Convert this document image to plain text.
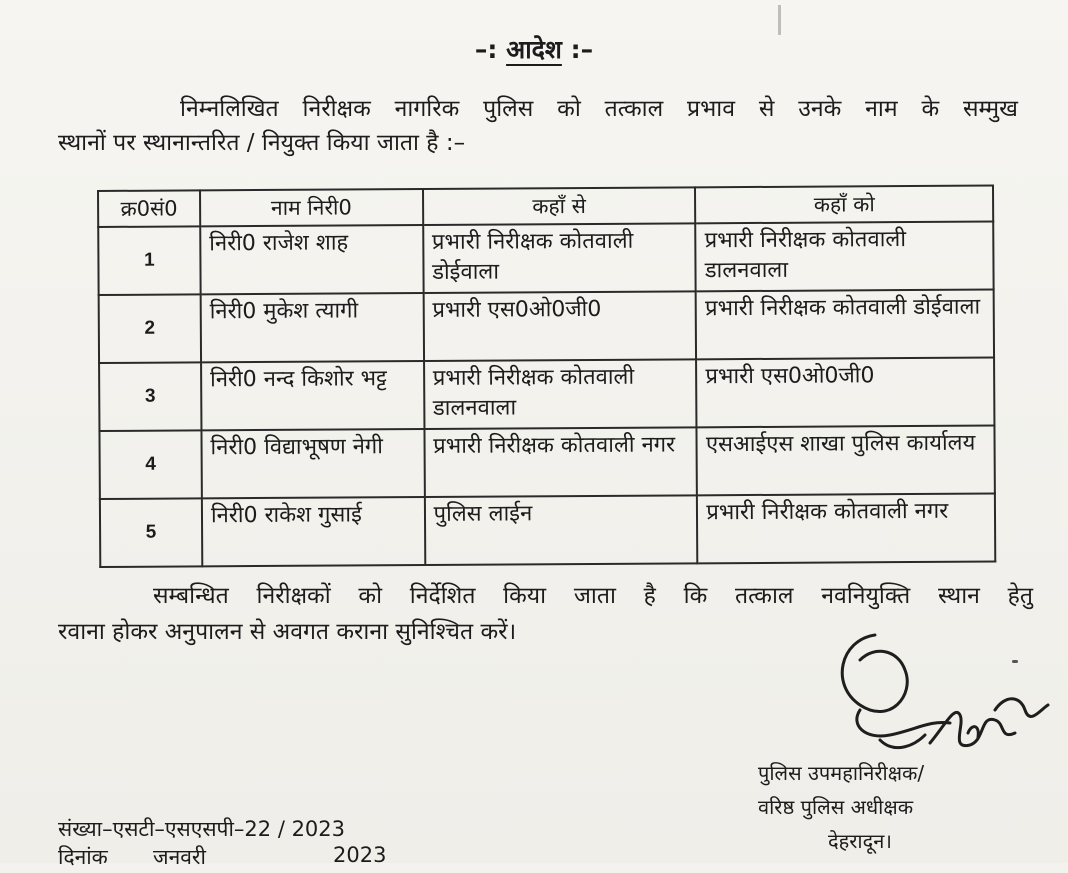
–: आदेश :–
निम्नलिखित निरीक्षक नागरिक पुलिस को तत्काल प्रभाव से उनके नाम के सम्मुख
स्थानों पर स्थानान्तरित / नियुक्त किया जाता है :–
क्र0सं0	नाम निरी0	कहाँ से	कहाँ को
1	निरी0 राजेश शाह	प्रभारी निरीक्षक कोतवाली डोईवाला	प्रभारी निरीक्षक कोतवाली डालनवाला
2	निरी0 मुकेश त्यागी	प्रभारी एस0ओ0जी0	प्रभारी निरीक्षक कोतवाली डोईवाला
3	निरी0 नन्द किशोर भट्ट	प्रभारी निरीक्षक कोतवाली डालनवाला	प्रभारी एस0ओ0जी0
4	निरी0 विद्याभूषण नेगी	प्रभारी निरीक्षक कोतवाली नगर	एसआईएस शाखा पुलिस कार्यालय
5	निरी0 राकेश गुसाई	पुलिस लाईन	प्रभारी निरीक्षक कोतवाली नगर
सम्बन्धित निरीक्षकों को निर्देशित किया जाता है कि तत्काल नवनियुक्ति स्थान हेतु
रवाना होकर अनुपालन से अवगत कराना सुनिश्चित करें।
पुलिस उपमहानिरीक्षक/
वरिष्ठ पुलिस अधीक्षक
देहरादून।
संख्या–एसटी–एसएसपी–22 / 2023
दिनांक जनवरी	2023
